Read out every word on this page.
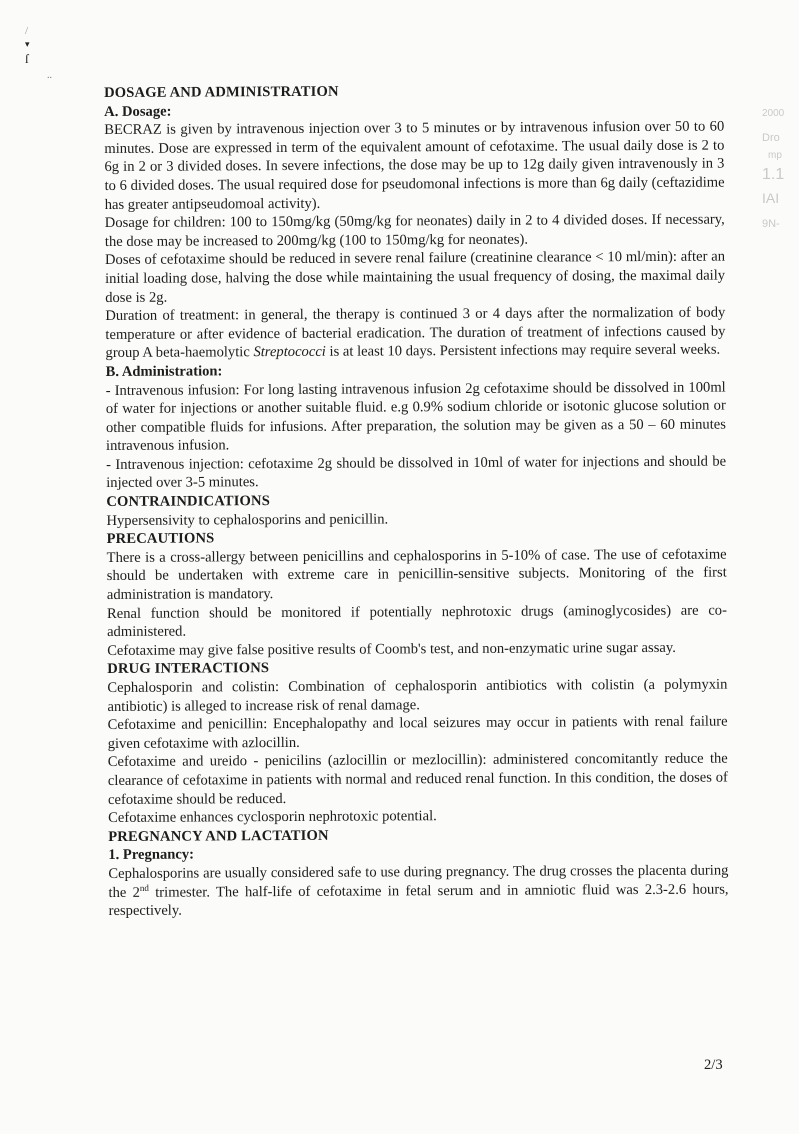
/
▾
ſ
..
2000
Dro
mp
1.1
IAI
9N-
DOSAGE AND ADMINISTRATION
A. Dosage:
BECRAZ is given by intravenous injection over 3 to 5 minutes or by intravenous infusion over 50 to 60 minutes. Dose are expressed in term of the equivalent amount of cefotaxime. The usual daily dose is 2 to 6g in 2 or 3 divided doses. In severe infections, the dose may be up to 12g daily given intravenously in 3 to 6 divided doses. The usual required dose for pseudomonal infections is more than 6g daily (ceftazidime has greater antipseudomoal activity).
Dosage for children: 100 to 150mg/kg (50mg/kg for neonates) daily in 2 to 4 divided doses. If necessary, the dose may be increased to 200mg/kg (100 to 150mg/kg for neonates).
Doses of cefotaxime should be reduced in severe renal failure (creatinine clearance < 10 ml/min): after an initial loading dose, halving the dose while maintaining the usual frequency of dosing, the maximal daily dose is 2g.
Duration of treatment: in general, the therapy is continued 3 or 4 days after the normalization of body temperature or after evidence of bacterial eradication. The duration of treatment of infections caused by group A beta-haemolytic Streptococci is at least 10 days. Persistent infections may require several weeks.
B. Administration:
- Intravenous infusion: For long lasting intravenous infusion 2g cefotaxime should be dissolved in 100ml of water for injections or another suitable fluid. e.g 0.9% sodium chloride or isotonic glucose solution or other compatible fluids for infusions. After preparation, the solution may be given as a 50 – 60 minutes intravenous infusion.
- Intravenous injection: cefotaxime 2g should be dissolved in 10ml of water for injections and should be injected over 3-5 minutes.
CONTRAINDICATIONS
Hypersensivity to cephalosporins and penicillin.
PRECAUTIONS
There is a cross-allergy between penicillins and cephalosporins in 5-10% of case. The use of cefotaxime should be undertaken with extreme care in penicillin-sensitive subjects. Monitoring of the first administration is mandatory.
Renal function should be monitored if potentially nephrotoxic drugs (aminoglycosides) are co-administered.
Cefotaxime may give false positive results of Coomb's test, and non-enzymatic urine sugar assay.
DRUG INTERACTIONS
Cephalosporin and colistin: Combination of cephalosporin antibiotics with colistin (a polymyxin antibiotic) is alleged to increase risk of renal damage.
Cefotaxime and penicillin: Encephalopathy and local seizures may occur in patients with renal failure given cefotaxime with azlocillin.
Cefotaxime and ureido - penicilins (azlocillin or mezlocillin): administered concomitantly reduce the clearance of cefotaxime in patients with normal and reduced renal function. In this condition, the doses of cefotaxime should be reduced.
Cefotaxime enhances cyclosporin nephrotoxic potential.
PREGNANCY AND LACTATION
1. Pregnancy:
Cephalosporins are usually considered safe to use during pregnancy. The drug crosses the placenta during the 2nd trimester. The half-life of cefotaxime in fetal serum and in amniotic fluid was 2.3-2.6 hours, respectively.
2/3
